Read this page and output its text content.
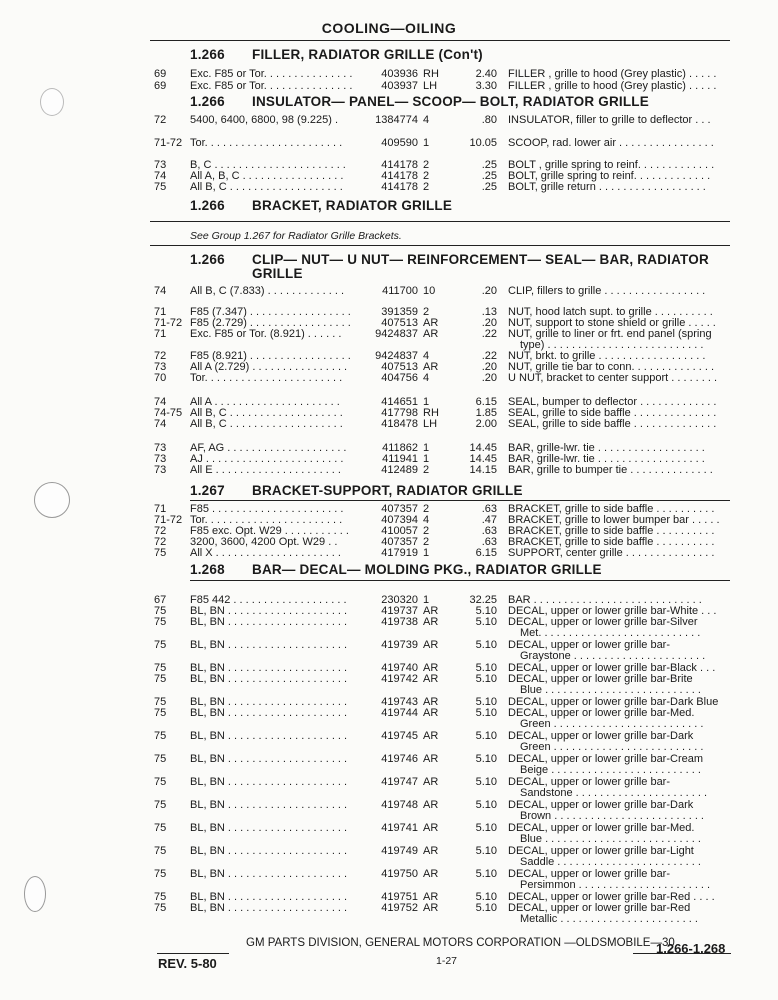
COOLING—OILING
1.266 FILLER, RADIATOR GRILLE (Con't)
1.266 INSULATOR— PANEL— SCOOP— BOLT, RADIATOR GRILLE
1.266 BRACKET, RADIATOR GRILLE
See Group 1.267 for Radiator Grille Brackets.
1.266 CLIP— NUT— U NUT— REINFORCEMENT— SEAL— BAR, RADIATOR
GRILLE
1.267 BRACKET-SUPPORT, RADIATOR GRILLE
1.268 BAR— DECAL— MOLDING PKG., RADIATOR GRILLE
69 Exc. F85 or Tor. . . . . . . . . . . . . . .	403936 RH	2.40 FILLER , grille to hood (Grey plastic) . . . . .
69 Exc. F85 or Tor. . . . . . . . . . . . . . .	403937 LH	3.30 FILLER , grille to hood (Grey plastic) . . . . .
72 5400, 6400, 6800, 98 (9.225) .	1384774 4	.80 INSULATOR, filler to grille to deflector . . .
71-72 Tor. . . . . . . . . . . . . . . . . . . . . . .	409590 1	10.05 SCOOP, rad. lower air . . . . . . . . . . . . . . . .
73 B, C . . . . . . . . . . . . . . . . . . . . . .	414178 2	.25 BOLT , grille spring to reinf. . . . . . . . . . . . .
74 All A, B, C . . . . . . . . . . . . . . . . .	414178 2	.25 BOLT, grille spring to reinf. . . . . . . . . . . . .
75 All B, C . . . . . . . . . . . . . . . . . . .	414178 2	.25 BOLT, grille return . . . . . . . . . . . . . . . . . .
74 All B, C (7.833) . . . . . . . . . . . . .	411700 10	.20 CLIP, fillers to grille . . . . . . . . . . . . . . . . .
71 F85 (7.347) . . . . . . . . . . . . . . . . .	391359 2	.13 NUT, hood latch supt. to grille . . . . . . . . . .
71-72 F85 (2.729) . . . . . . . . . . . . . . . . .	407513 AR	.20 NUT, support to stone shield or grille . . . . .
71 Exc. F85 or Tor. (8.921) . . . . . .	9424837 AR	.22 NUT, grille to liner or frt. end panel (spring
type) . . . . . . . . . . . . . . . . . . . . . . . . . .
72 F85 (8.921) . . . . . . . . . . . . . . . . .	9424837 4	.22 NUT, brkt. to grille . . . . . . . . . . . . . . . . . .
73 All A (2.729) . . . . . . . . . . . . . . . .	407513 AR	.20 NUT, grille tie bar to conn. . . . . . . . . . . . . .
70 Tor. . . . . . . . . . . . . . . . . . . . . . .	404756 4	.20 U NUT, bracket to center support . . . . . . . .
74 All A . . . . . . . . . . . . . . . . . . . . .	414651 1	6.15 SEAL, bumper to deflector . . . . . . . . . . . . .
74-75 All B, C . . . . . . . . . . . . . . . . . . .	417798 RH	1.85 SEAL, grille to side baffle . . . . . . . . . . . . . .
74 All B, C . . . . . . . . . . . . . . . . . . .	418478 LH	2.00 SEAL, grille to side baffle . . . . . . . . . . . . . .
73 AF, AG . . . . . . . . . . . . . . . . . . . .	411862 1	14.45 BAR, grille-lwr. tie . . . . . . . . . . . . . . . . . .
73 AJ . . . . . . . . . . . . . . . . . . . . . . .	411941 1	14.45 BAR, grille-lwr. tie . . . . . . . . . . . . . . . . . .
73 All E . . . . . . . . . . . . . . . . . . . . .	412489 2	14.15 BAR, grille to bumper tie . . . . . . . . . . . . . .
71 F85 . . . . . . . . . . . . . . . . . . . . . .	407357 2	.63 BRACKET, grille to side baffle . . . . . . . . . .
71-72 Tor. . . . . . . . . . . . . . . . . . . . . . .	407394 4	.47 BRACKET, grille to lower bumper bar . . . . .
72 F85 exc. Opt. W29 . . . . . . . . . . .	410057 2	.63 BRACKET, grille to side baffle . . . . . . . . . .
72 3200, 3600, 4200 Opt. W29 . .	407357 2	.63 BRACKET, grille to side baffle . . . . . . . . . .
75 All X . . . . . . . . . . . . . . . . . . . . .	417919 1	6.15 SUPPORT, center grille . . . . . . . . . . . . . . .
67 F85 442 . . . . . . . . . . . . . . . . . . .	230320 1	32.25 BAR . . . . . . . . . . . . . . . . . . . . . . . . . . . .
75 BL, BN . . . . . . . . . . . . . . . . . . . .	419737 AR	5.10 DECAL, upper or lower grille bar-White . . .
75 BL, BN . . . . . . . . . . . . . . . . . . . .	419738 AR	5.10 DECAL, upper or lower grille bar-Silver
Met. . . . . . . . . . . . . . . . . . . . . . . . . . .
75 BL, BN . . . . . . . . . . . . . . . . . . . .	419739 AR	5.10 DECAL, upper or lower grille bar-
Graystone . . . . . . . . . . . . . . . . . . . . . .
75 BL, BN . . . . . . . . . . . . . . . . . . . .	419740 AR	5.10 DECAL, upper or lower grille bar-Black . . .
75 BL, BN . . . . . . . . . . . . . . . . . . . .	419742 AR	5.10 DECAL, upper or lower grille bar-Brite
Blue . . . . . . . . . . . . . . . . . . . . . . . . . .
75 BL, BN . . . . . . . . . . . . . . . . . . . .	419743 AR	5.10 DECAL, upper or lower grille bar-Dark Blue
75 BL, BN . . . . . . . . . . . . . . . . . . . .	419744 AR	5.10 DECAL, upper or lower grille bar-Med.
Green . . . . . . . . . . . . . . . . . . . . . . . . .
75 BL, BN . . . . . . . . . . . . . . . . . . . .	419745 AR	5.10 DECAL, upper or lower grille bar-Dark
Green . . . . . . . . . . . . . . . . . . . . . . . . .
75 BL, BN . . . . . . . . . . . . . . . . . . . .	419746 AR	5.10 DECAL, upper or lower grille bar-Cream
Beige . . . . . . . . . . . . . . . . . . . . . . . . .
75 BL, BN . . . . . . . . . . . . . . . . . . . .	419747 AR	5.10 DECAL, upper or lower grille bar-
Sandstone . . . . . . . . . . . . . . . . . . . . . .
75 BL, BN . . . . . . . . . . . . . . . . . . . .	419748 AR	5.10 DECAL, upper or lower grille bar-Dark
Brown . . . . . . . . . . . . . . . . . . . . . . . . .
75 BL, BN . . . . . . . . . . . . . . . . . . . .	419741 AR	5.10 DECAL, upper or lower grille bar-Med.
Blue . . . . . . . . . . . . . . . . . . . . . . . . . .
75 BL, BN . . . . . . . . . . . . . . . . . . . .	419749 AR	5.10 DECAL, upper or lower grille bar-Light
Saddle . . . . . . . . . . . . . . . . . . . . . . . .
75 BL, BN . . . . . . . . . . . . . . . . . . . .	419750 AR	5.10 DECAL, upper or lower grille bar-
Persimmon . . . . . . . . . . . . . . . . . . . . . .
75 BL, BN . . . . . . . . . . . . . . . . . . . .	419751 AR	5.10 DECAL, upper or lower grille bar-Red . . . .
75 BL, BN . . . . . . . . . . . . . . . . . . . .	419752 AR	5.10 DECAL, upper or lower grille bar-Red
Metallic . . . . . . . . . . . . . . . . . . . . . . .
GM PARTS DIVISION, GENERAL MOTORS CORPORATION —OLDSMOBILE—30
REV. 5-80	1-27
1.266-1.268
